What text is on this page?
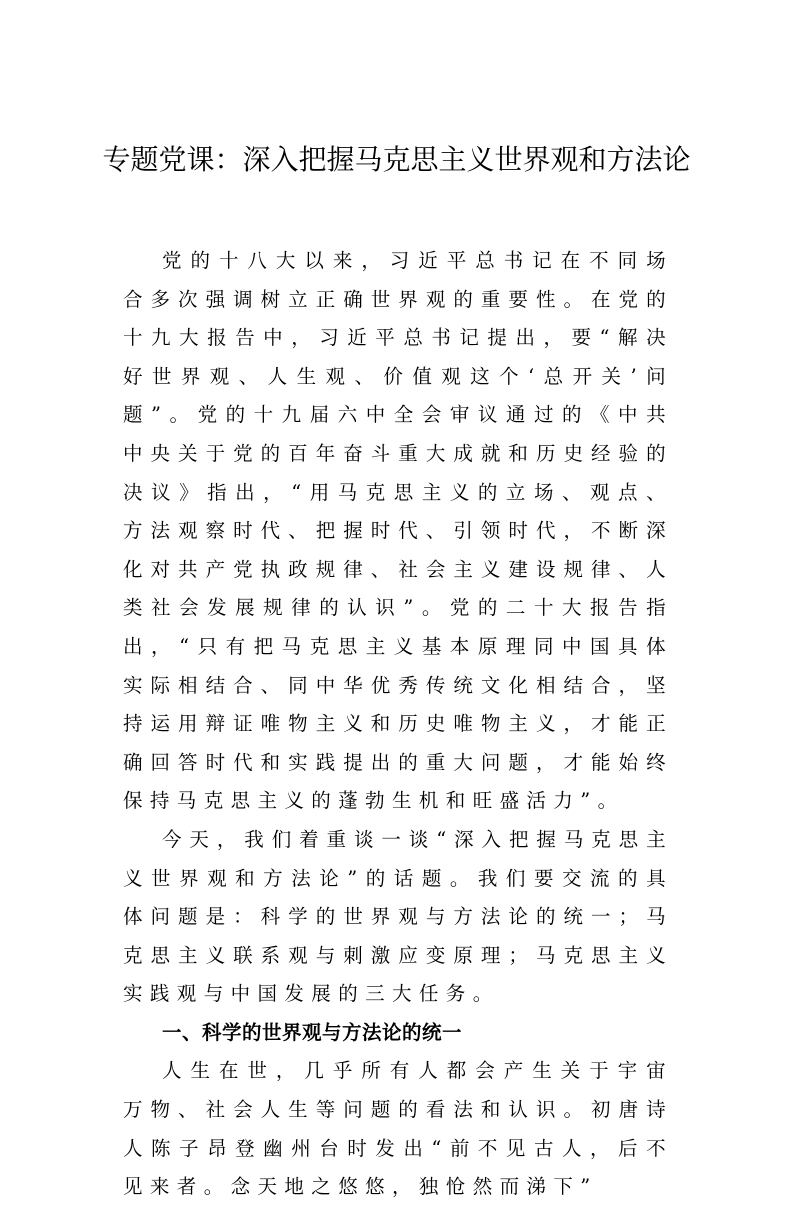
专题党课：深入把握马克思主义世界观和方法论

党的十八大以来，习近平总书记在不同场合多次强调树立正确世界观的重要性。在党的十九大报告中，习近平总书记提出，要“解决好世界观、人生观、价值观这个‘总开关’问题”。党的十九届六中全会审议通过的《中共中央关于党的百年奋斗重大成就和历史经验的决议》指出，“用马克思主义的立场、观点、方法观察时代、把握时代、引领时代，不断深化对共产党执政规律、社会主义建设规律、人类社会发展规律的认识”。党的二十大报告指出，“只有把马克思主义基本原理同中国具体实际相结合、同中华优秀传统文化相结合，坚持运用辩证唯物主义和历史唯物主义，才能正确回答时代和实践提出的重大问题，才能始终保持马克思主义的蓬勃生机和旺盛活力”。

今天，我们着重谈一谈“深入把握马克思主义世界观和方法论”的话题。我们要交流的具体问题是：科学的世界观与方法论的统一；马克思主义联系观与刺激应变原理；马克思主义实践观与中国发展的三大任务。

一、科学的世界观与方法论的统一

人生在世，几乎所有人都会产生关于宇宙万物、社会人生等问题的看法和认识。初唐诗人陈子昂登幽州台时发出“前不见古人，后不见来者。念天地之悠悠，独怆然而涕下”
